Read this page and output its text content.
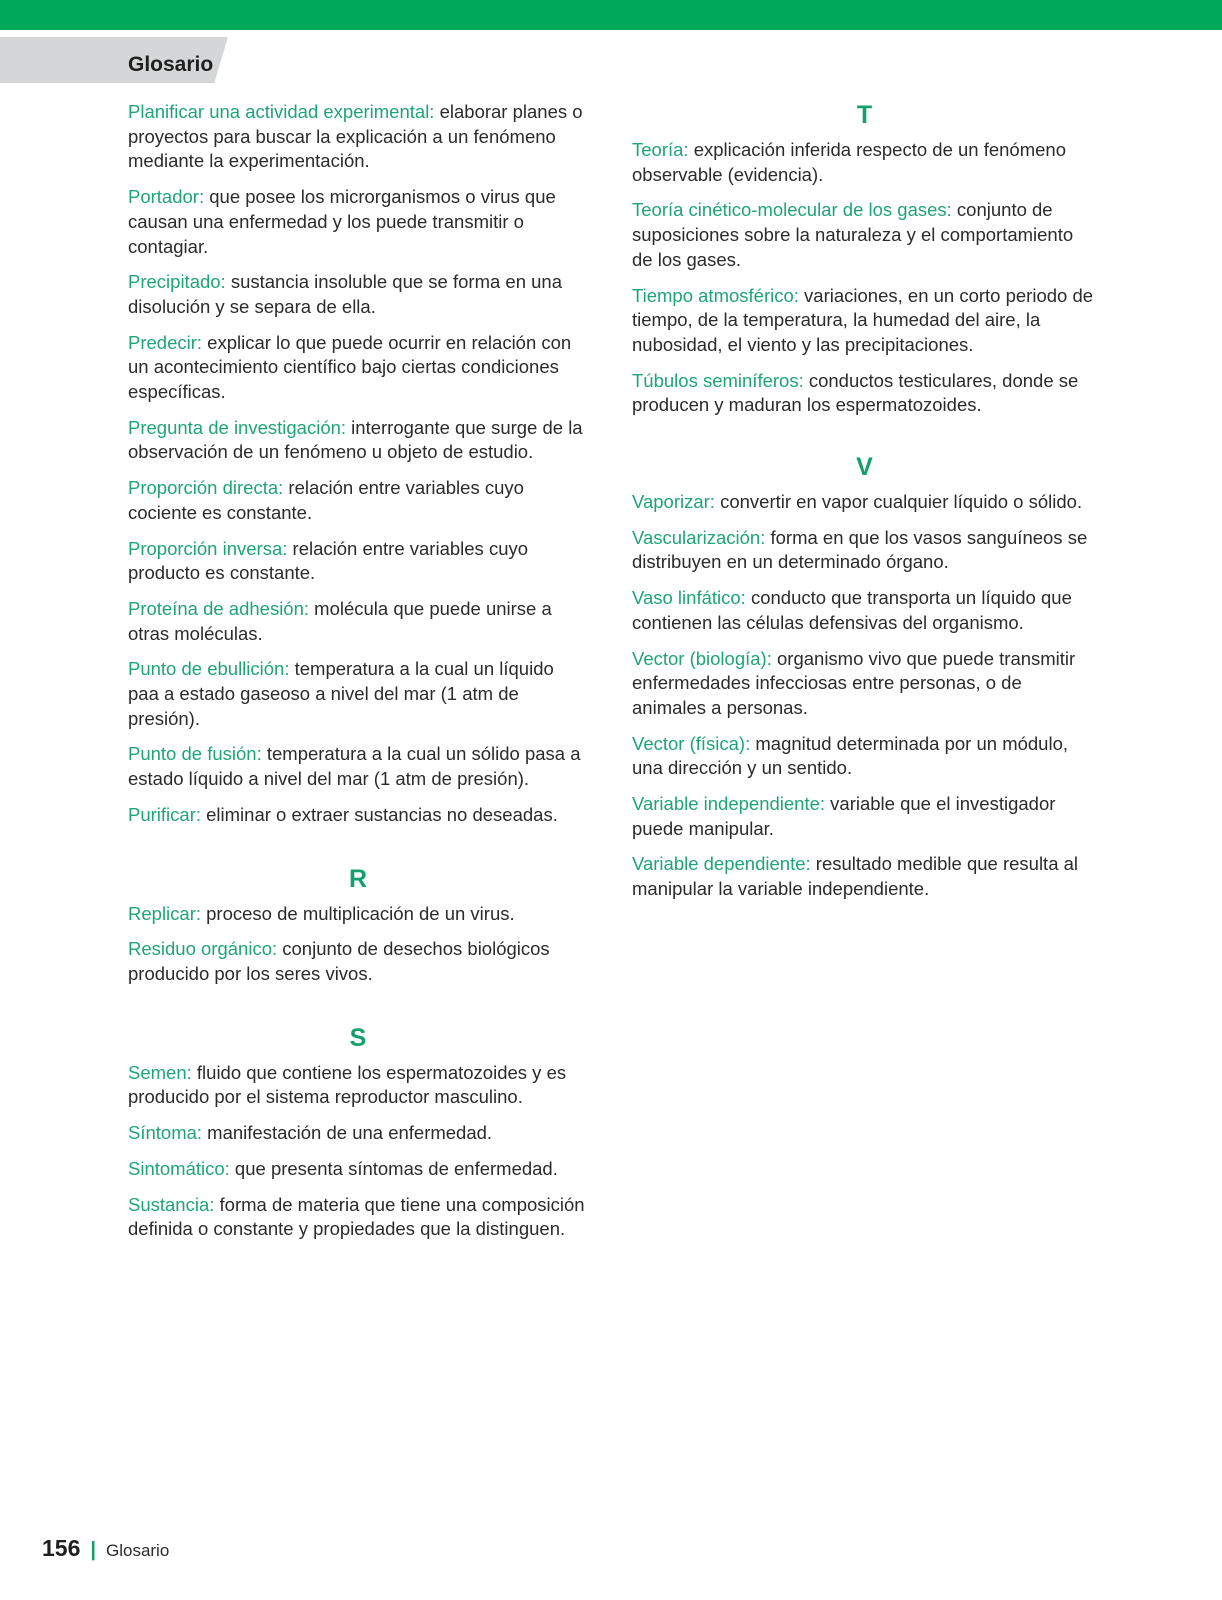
Glosario

Planificar una actividad experimental: elaborar planes o proyectos para buscar la explicación a un fenómeno mediante la experimentación.

Portador: que posee los microrganismos o virus que causan una enfermedad y los puede transmitir o contagiar.

Precipitado: sustancia insoluble que se forma en una disolución y se separa de ella.

Predecir: explicar lo que puede ocurrir en relación con un acontecimiento científico bajo ciertas condiciones específicas.

Pregunta de investigación: interrogante que surge de la observación de un fenómeno u objeto de estudio.

Proporción directa: relación entre variables cuyo cociente es constante.

Proporción inversa: relación entre variables cuyo producto es constante.

Proteína de adhesión: molécula que puede unirse a otras moléculas.

Punto de ebullición: temperatura a la cual un líquido paa a estado gaseoso a nivel del mar (1 atm de presión).

Punto de fusión: temperatura a la cual un sólido pasa a estado líquido a nivel del mar (1 atm de presión).

Purificar: eliminar o extraer sustancias no deseadas.

R

Replicar: proceso de multiplicación de un virus.

Residuo orgánico: conjunto de desechos biológicos producido por los seres vivos.

S

Semen: fluido que contiene los espermatozoides y es producido por el sistema reproductor masculino.

Síntoma: manifestación de una enfermedad.

Sintomático: que presenta síntomas de enfermedad.

Sustancia: forma de materia que tiene una composición definida o constante y propiedades que la distinguen.

T

Teoría: explicación inferida respecto de un fenómeno observable (evidencia).

Teoría cinético-molecular de los gases: conjunto de suposiciones sobre la naturaleza y el comportamiento de los gases.

Tiempo atmosférico: variaciones, en un corto periodo de tiempo, de la temperatura, la humedad del aire, la nubosidad, el viento y las precipitaciones.

Túbulos seminíferos: conductos testiculares, donde se producen y maduran los espermatozoides.

V

Vaporizar: convertir en vapor cualquier líquido o sólido.

Vascularización: forma en que los vasos sanguíneos se distribuyen en un determinado órgano.

Vaso linfático: conducto que transporta un líquido que contienen las células defensivas del organismo.

Vector (biología): organismo vivo que puede transmitir enfermedades infecciosas entre personas, o de animales a personas.

Vector (física): magnitud determinada por un módulo, una dirección y un sentido.

Variable independiente: variable que el investigador puede manipular.

Variable dependiente: resultado medible que resulta al manipular la variable independiente.

156 | Glosario
